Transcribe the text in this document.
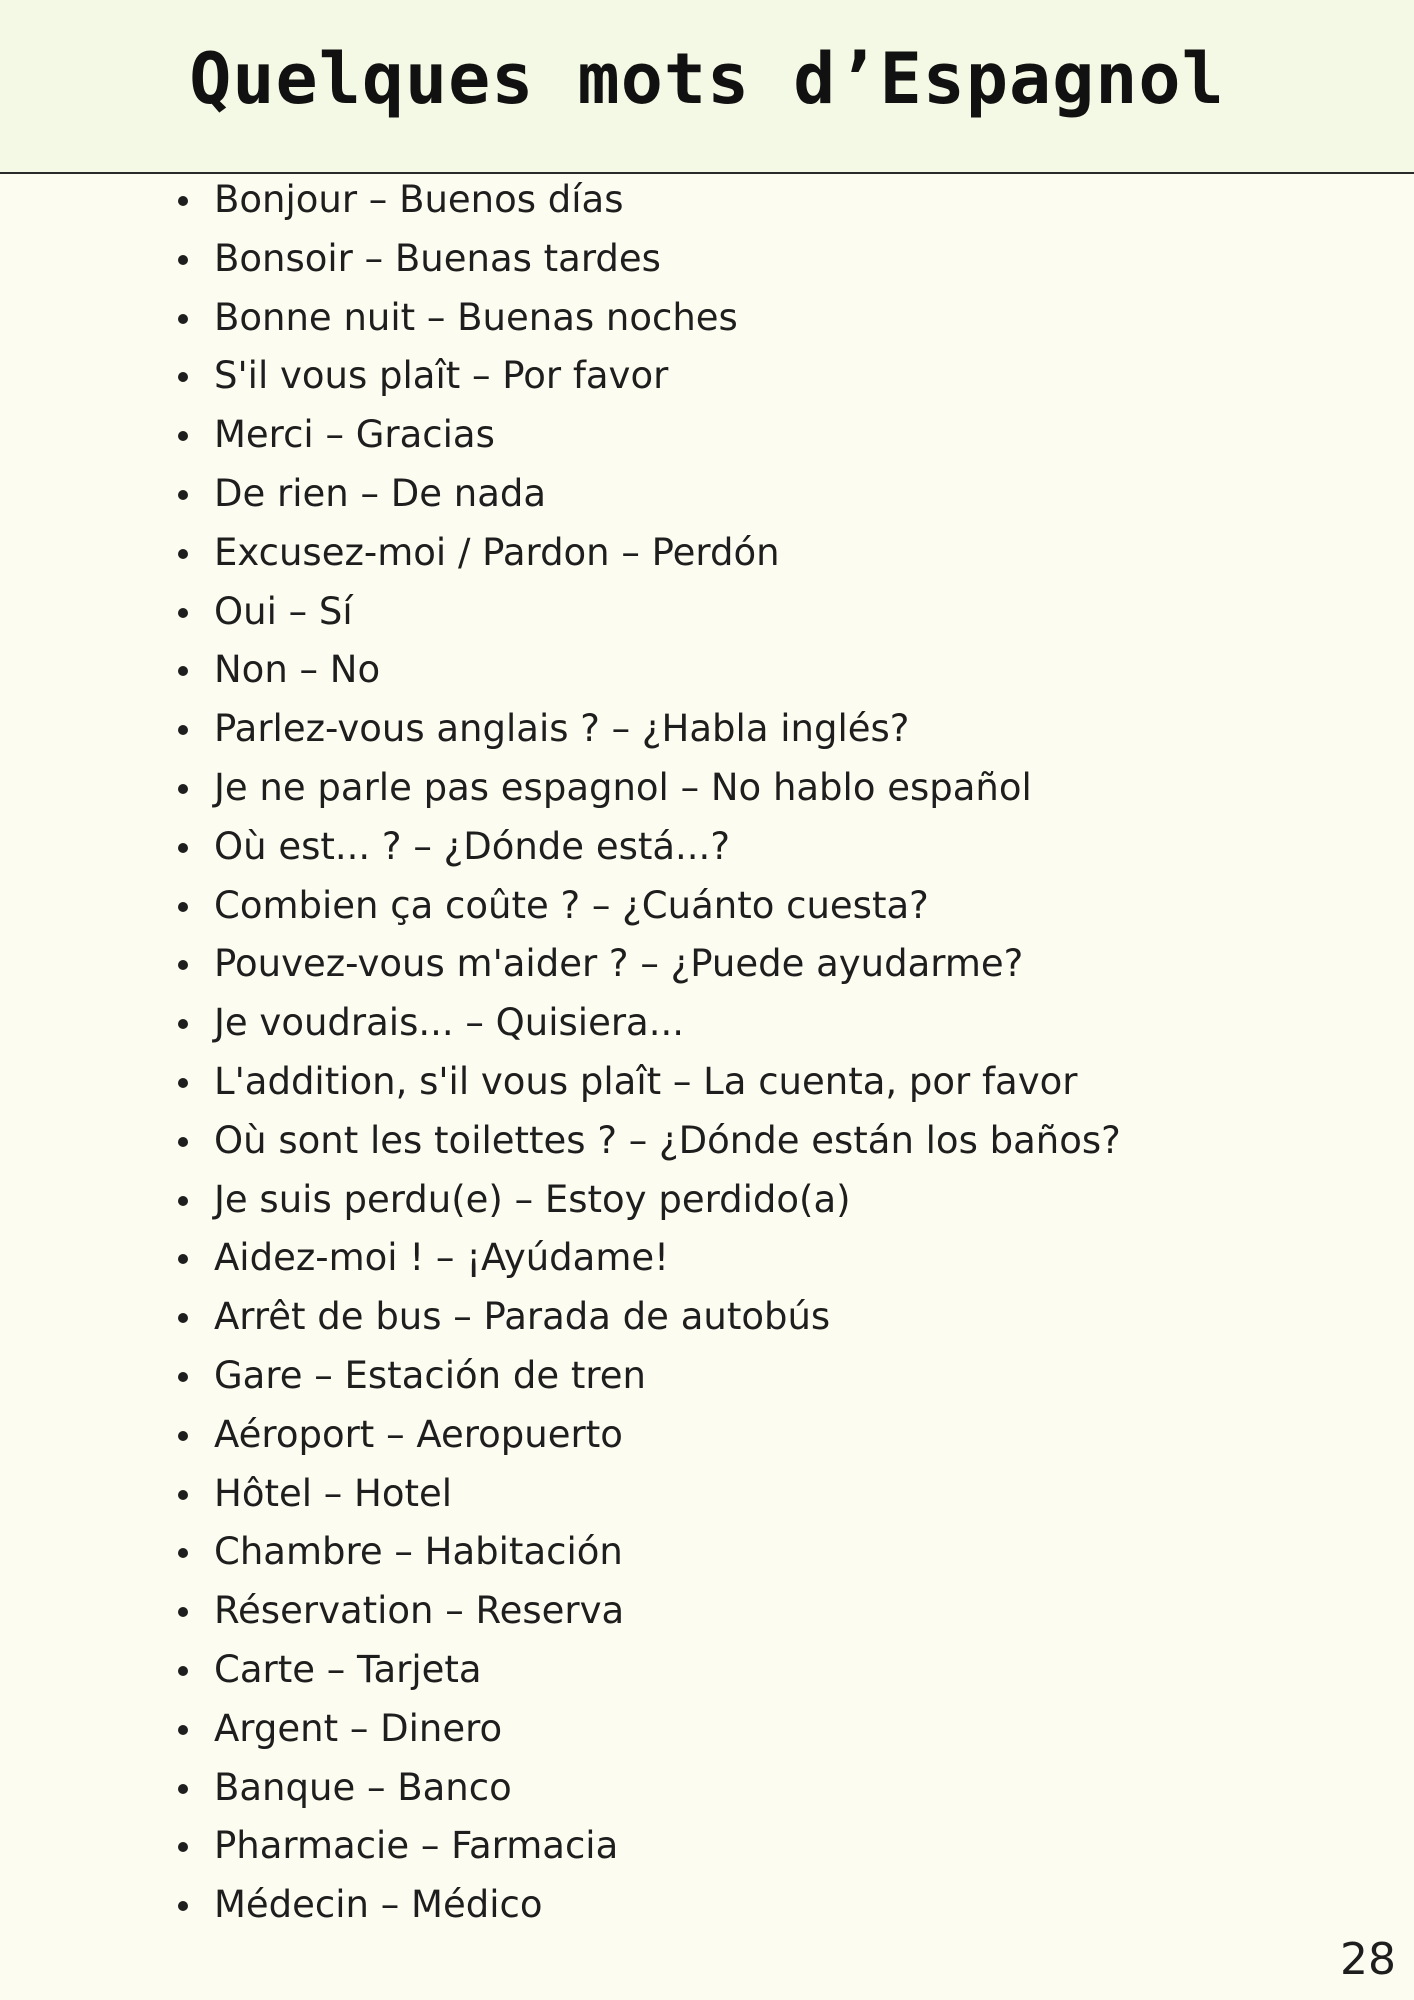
Quelques mots d’Espagnol
Bonjour – Buenos días
Bonsoir – Buenas tardes
Bonne nuit – Buenas noches
S'il vous plaît – Por favor
Merci – Gracias
De rien – De nada
Excusez-moi / Pardon – Perdón
Oui – Sí
Non – No
Parlez-vous anglais ? – ¿Habla inglés?
Je ne parle pas espagnol – No hablo español
Où est... ? – ¿Dónde está...?
Combien ça coûte ? – ¿Cuánto cuesta?
Pouvez-vous m'aider ? – ¿Puede ayudarme?
Je voudrais... – Quisiera...
L'addition, s'il vous plaît – La cuenta, por favor
Où sont les toilettes ? – ¿Dónde están los baños?
Je suis perdu(e) – Estoy perdido(a)
Aidez-moi ! – ¡Ayúdame!
Arrêt de bus – Parada de autobús
Gare – Estación de tren
Aéroport – Aeropuerto
Hôtel – Hotel
Chambre – Habitación
Réservation – Reserva
Carte – Tarjeta
Argent – Dinero
Banque – Banco
Pharmacie – Farmacia
Médecin – Médico
28
